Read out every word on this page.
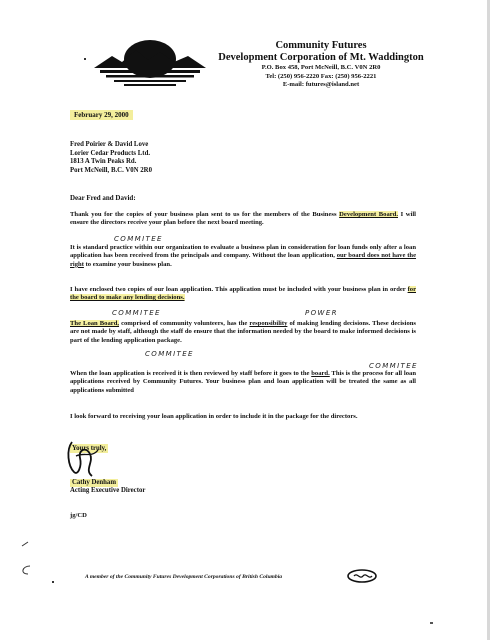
Community Futures
Development Corporation of Mt. Waddington
P.O. Box 458, Port McNeill, B.C. V0N 2R0
Tel: (250) 956-2220 Fax: (250) 956-2221
E-mail: futures@island.net
February 29, 2000
Fred Poirier & David Love
Lorier Cedar Products Ltd.
1813 A Twin Peaks Rd.
Port McNeill, B.C. V0N 2R0
Dear Fred and David:
Thank you for the copies of your business plan sent to us for the members of the Business Development Board. I will ensure the directors receive your plan before the next board meeting.
COMMITEE
It is standard practice within our organization to evaluate a business plan in consideration for loan funds only after a loan application has been received from the principals and company. Without the loan application, our board does not have the right to examine your business plan.
I have enclosed two copies of our loan application. This application must be included with your business plan in order for the board to make any lending decisions.
COMMITEE	POWER
The Loan Board, comprised of community volunteers, has the responsibility of making lending decisions. These decisions are not made by staff, although the staff do ensure that the information needed by the board to make informed decisions is part of the lending application package.
COMMITEE
COMMITEE
When the loan application is received it is then reviewed by staff before it goes to the board. This is the process for all loan applications received by Community Futures. Your business plan and loan application will be treated the same as all applications submitted
I look forward to receiving your loan application in order to include it in the package for the directors.
Yours truly,
Cathy Denham
Acting Executive Director
jg/CD
A member of the Community Futures Development Corporations of British Columbia
